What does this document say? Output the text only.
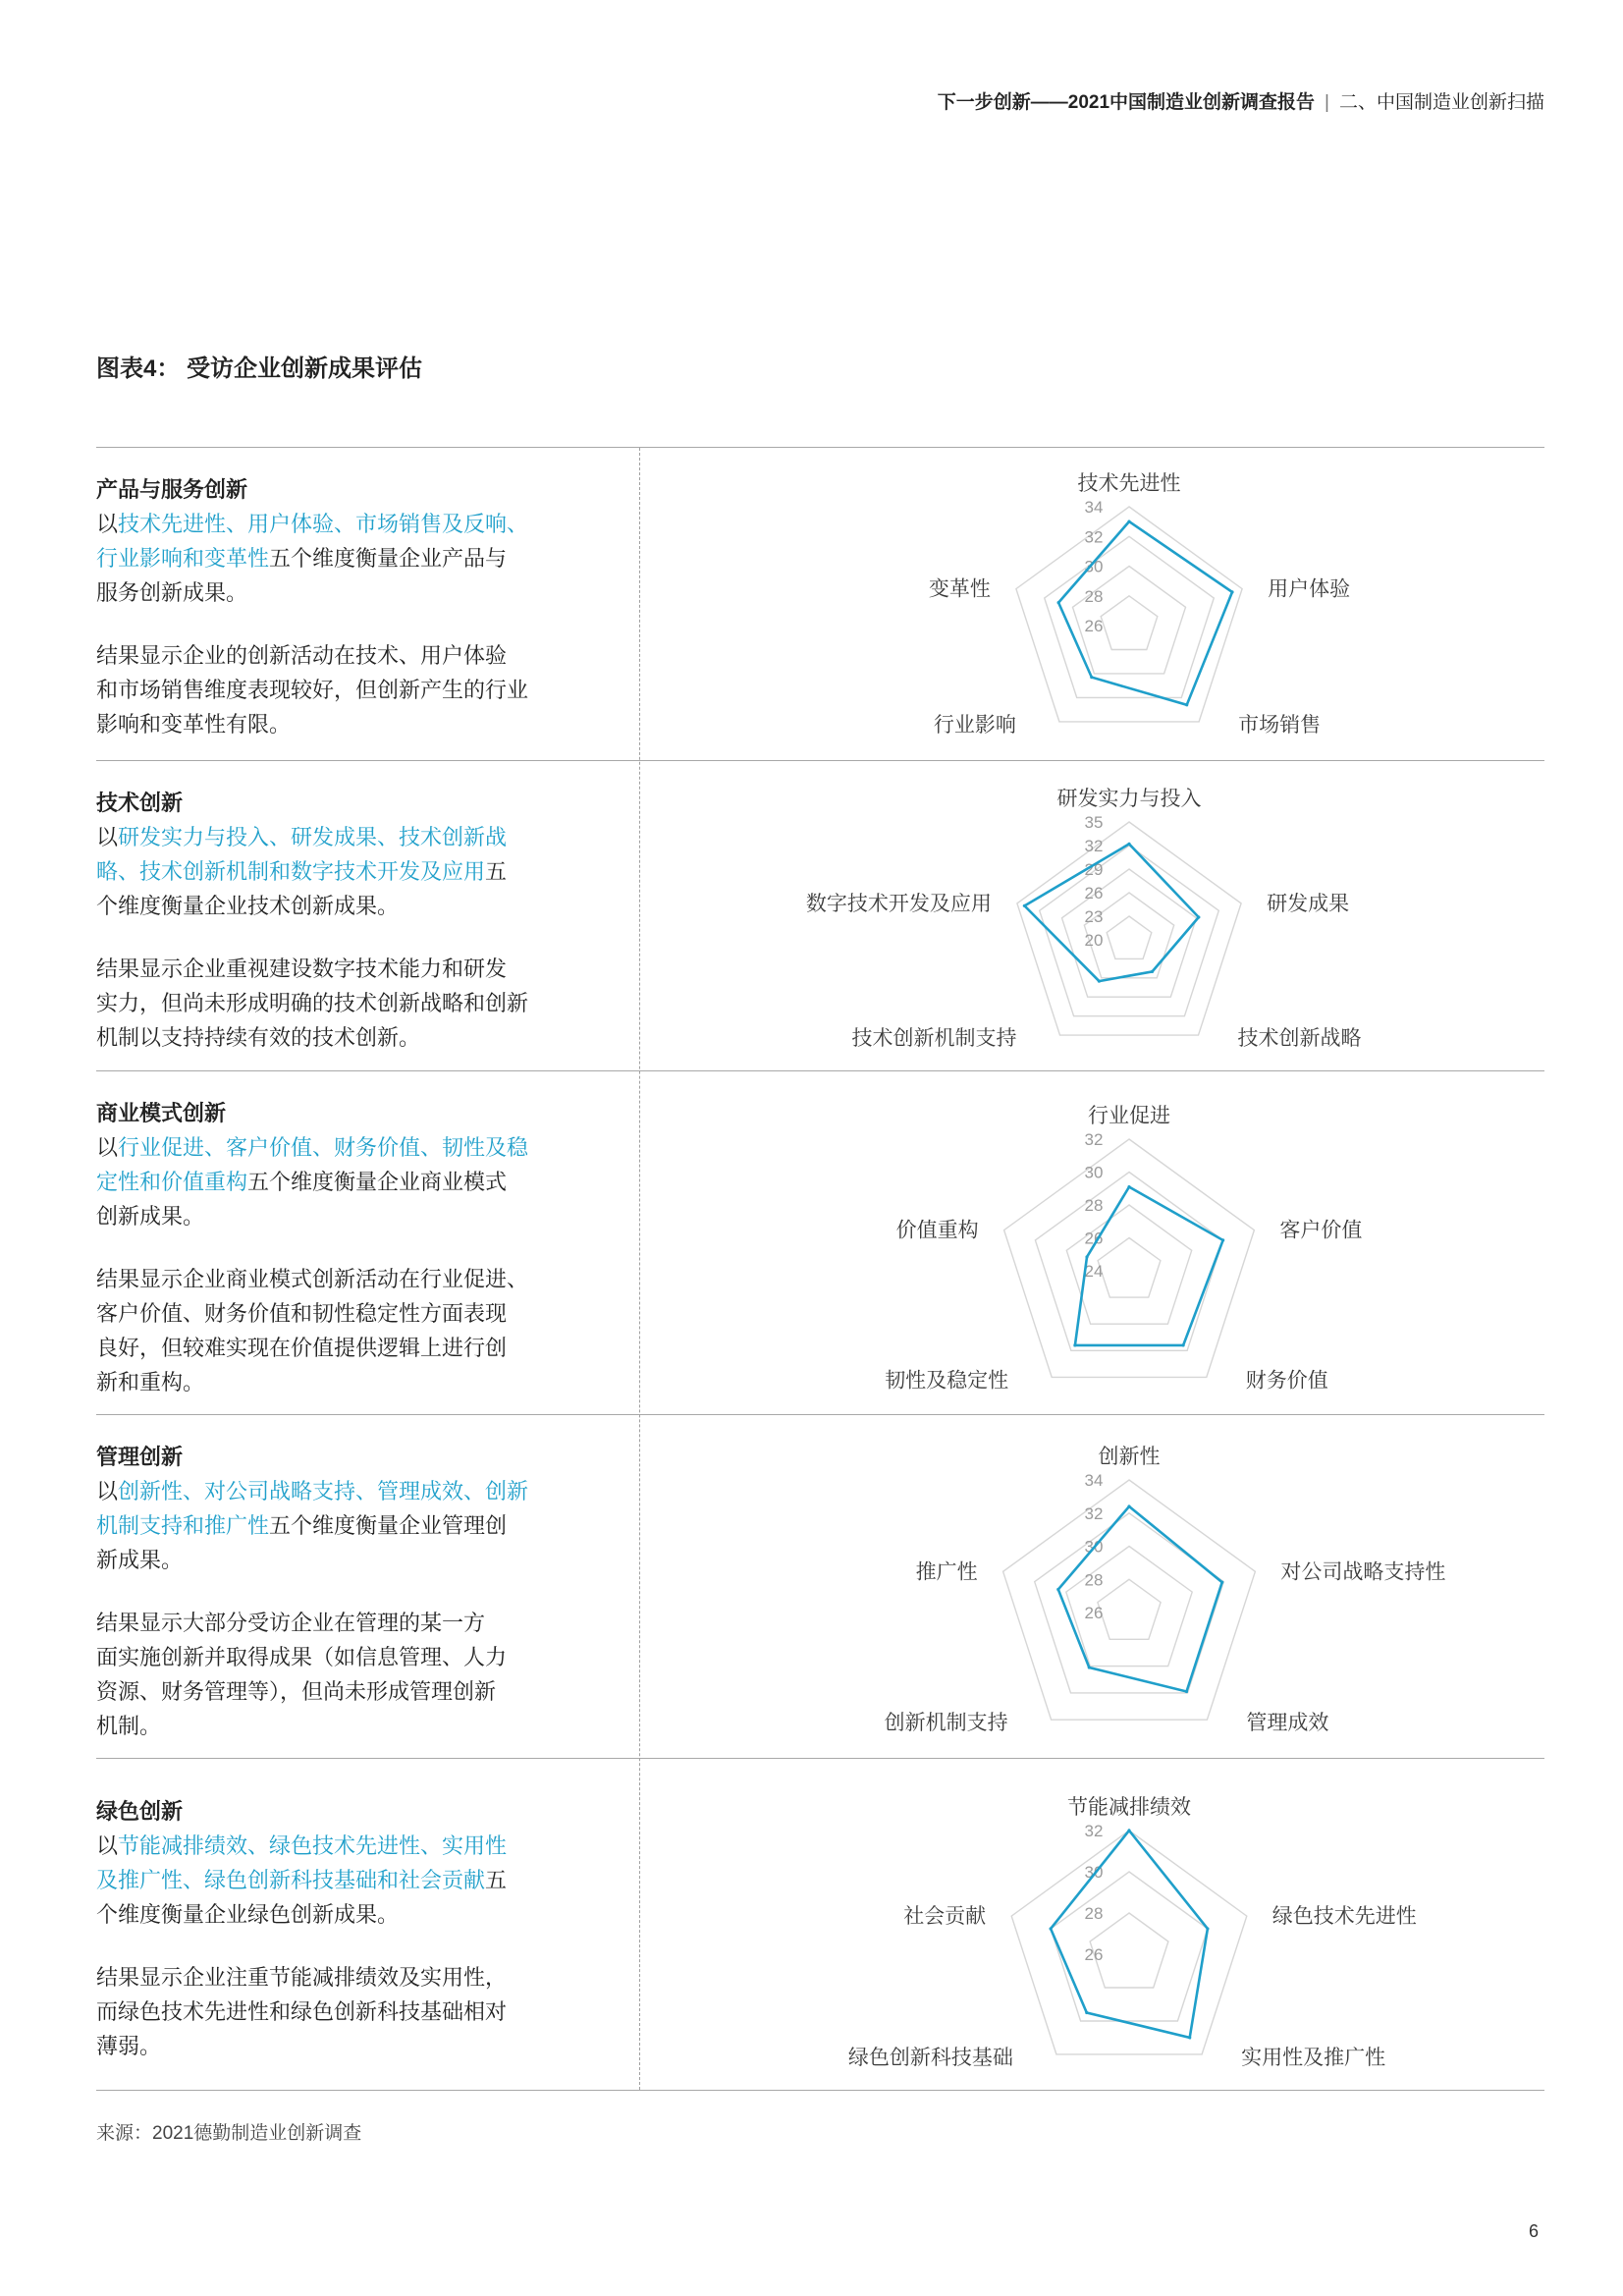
下一步创新——2021中国制造业创新调查报告 | 二、中国制造业创新扫描
图表4： 受访企业创新成果评估
产品与服务创新
以技术先进性、用户体验、市场销售及反响、
行业影响和变革性五个维度衡量企业产品与
服务创新成果。
结果显示企业的创新活动在技术、用户体验
和市场销售维度表现较好，但创新产生的行业
影响和变革性有限。
26
28
30
32
34
技术先进性
用户体验
市场销售
行业影响
变革性
技术创新
以研发实力与投入、研发成果、技术创新战
略、技术创新机制和数字技术开发及应用五
个维度衡量企业技术创新成果。
结果显示企业重视建设数字技术能力和研发
实力，但尚未形成明确的技术创新战略和创新
机制以支持持续有效的技术创新。
20
23
26
29
32
35
研发实力与投入
研发成果
技术创新战略
技术创新机制支持
数字技术开发及应用
商业模式创新
以行业促进、客户价值、财务价值、韧性及稳
定性和价值重构五个维度衡量企业商业模式
创新成果。
结果显示企业商业模式创新活动在行业促进、
客户价值、财务价值和韧性稳定性方面表现
良好，但较难实现在价值提供逻辑上进行创
新和重构。
24
26
28
30
32
行业促进
客户价值
财务价值
韧性及稳定性
价值重构
管理创新
以创新性、对公司战略支持、管理成效、创新
机制支持和推广性五个维度衡量企业管理创
新成果。
结果显示大部分受访企业在管理的某一方
面实施创新并取得成果（如信息管理、人力
资源、财务管理等），但尚未形成管理创新
机制。
26
28
30
32
34
创新性
对公司战略支持性
管理成效
创新机制支持
推广性
绿色创新
以节能减排绩效、绿色技术先进性、实用性
及推广性、绿色创新科技基础和社会贡献五
个维度衡量企业绿色创新成果。
结果显示企业注重节能减排绩效及实用性，
而绿色技术先进性和绿色创新科技基础相对
薄弱。
26
28
30
32
节能减排绩效
绿色技术先进性
实用性及推广性
绿色创新科技基础
社会贡献
来源：2021德勤制造业创新调查
6
